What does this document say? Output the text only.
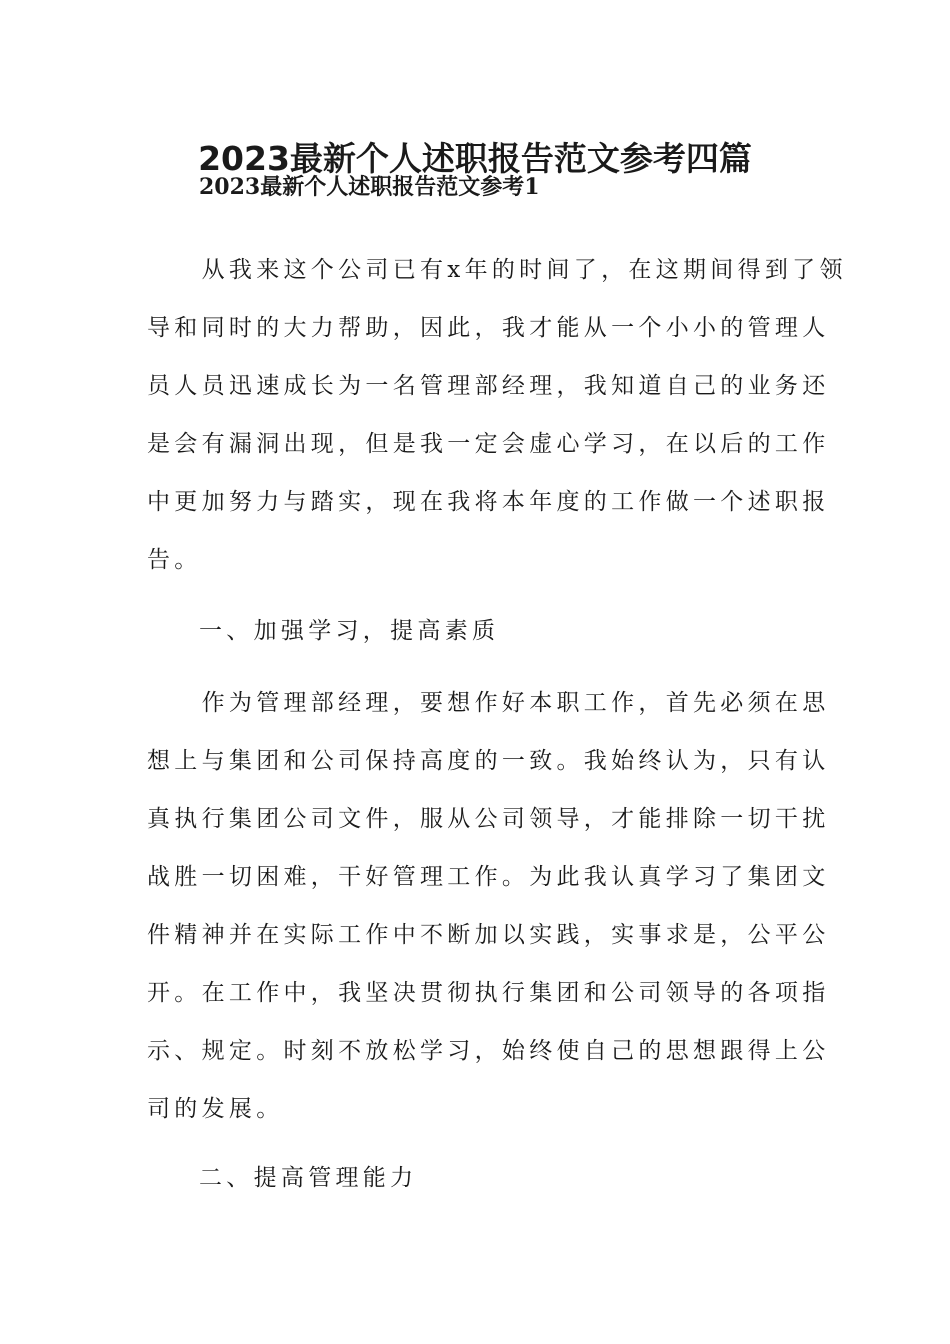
2023最新个人述职报告范文参考四篇
2023最新个人述职报告范文参考1
　　从我来这个公司已有x年的时间了，在这期间得到了领
导和同时的大力帮助，因此，我才能从一个小小的管理人
员人员迅速成长为一名管理部经理，我知道自己的业务还
是会有漏洞出现，但是我一定会虚心学习，在以后的工作
中更加努力与踏实，现在我将本年度的工作做一个述职报
告。

一、加强学习，提高素质

　　作为管理部经理，要想作好本职工作，首先必须在思
想上与集团和公司保持高度的一致。我始终认为，只有认
真执行集团公司文件，服从公司领导，才能排除一切干扰
战胜一切困难，干好管理工作。为此我认真学习了集团文
件精神并在实际工作中不断加以实践，实事求是，公平公
开。在工作中，我坚决贯彻执行集团和公司领导的各项指
示、规定。时刻不放松学习，始终使自己的思想跟得上公
司的发展。

二、提高管理能力
